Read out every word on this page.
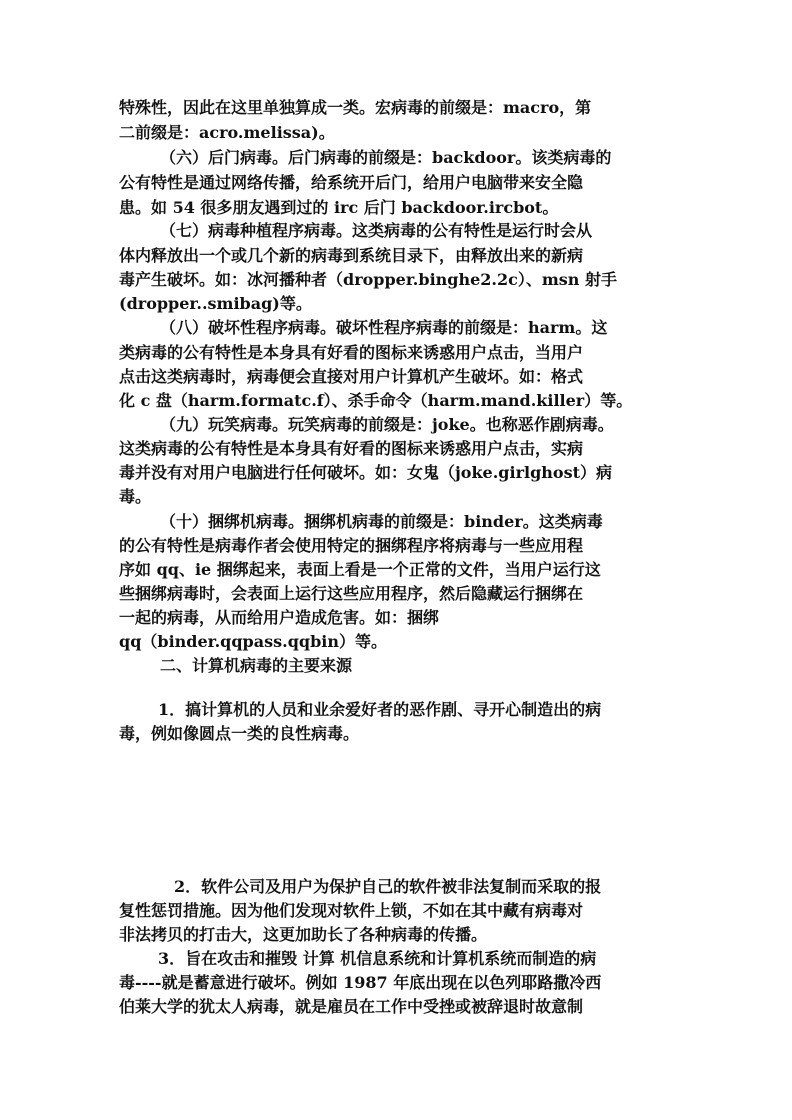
特殊性，因此在这里单独算成一类。宏病毒的前缀是：macro，第

二前缀是：acro.melissa)。

（六）后门病毒。后门病毒的前缀是：backdoor。该类病毒的

公有特性是通过网络传播，给系统开后门，给用户电脑带来安全隐

患。如 54 很多朋友遇到过的 irc 后门 backdoor.ircbot。

（七）病毒种植程序病毒。这类病毒的公有特性是运行时会从

体内释放出一个或几个新的病毒到系统目录下，由释放出来的新病

毒产生破坏。如：冰河播种者（dropper.binghe2.2c）、msn 射手

(dropper..smibag)等。

（八）破坏性程序病毒。破坏性程序病毒的前缀是：harm。这

类病毒的公有特性是本身具有好看的图标来诱惑用户点击，当用户

点击这类病毒时，病毒便会直接对用户计算机产生破坏。如：格式

化 c 盘（harm.formatc.f）、杀手命令（harm.mand.killer）等。

（九）玩笑病毒。玩笑病毒的前缀是：joke。也称恶作剧病毒。

这类病毒的公有特性是本身具有好看的图标来诱惑用户点击，实病

毒并没有对用户电脑进行任何破坏。如：女鬼（joke.girlghost）病

毒。

（十）捆绑机病毒。捆绑机病毒的前缀是：binder。这类病毒

的公有特性是病毒作者会使用特定的捆绑程序将病毒与一些应用程

序如 qq、ie 捆绑起来，表面上看是一个正常的文件，当用户运行这

些捆绑病毒时，会表面上运行这些应用程序，然后隐藏运行捆绑在

一起的病毒，从而给用户造成危害。如：捆绑

qq（binder.qqpass.qqbin）等。

二、计算机病毒的主要来源

1．搞计算机的人员和业余爱好者的恶作剧、寻开心制造出的病

毒，例如像圆点一类的良性病毒。

2．软件公司及用户为保护自己的软件被非法复制而采取的报

复性惩罚措施。因为他们发现对软件上锁，不如在其中藏有病毒对

非法拷贝的打击大，这更加助长了各种病毒的传播。

3．旨在攻击和摧毁 计算 机信息系统和计算机系统而制造的病

毒----就是蓄意进行破坏。例如 1987 年底出现在以色列耶路撒冷西

伯莱大学的犹太人病毒，就是雇员在工作中受挫或被辞退时故意制
